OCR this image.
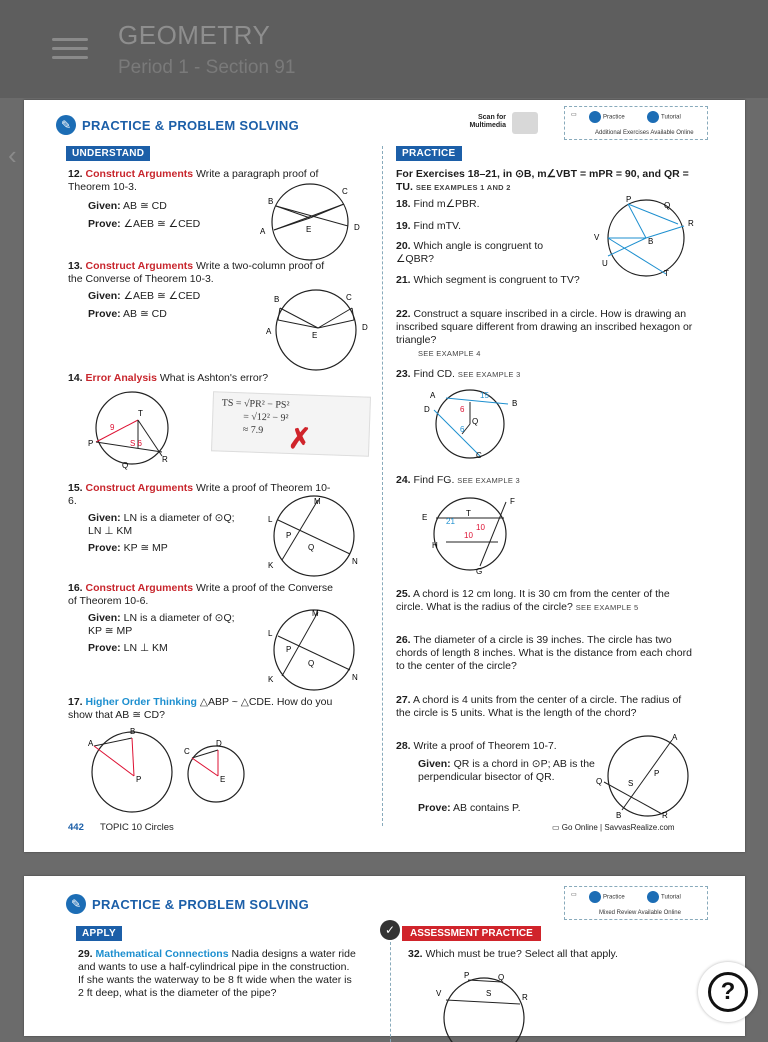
GEOMETRY
Period 1 - Section 91
‹
✎ PRACTICE & PROBLEM SOLVING	Scan for Multimedia
▭	Practice	Tutorial
Additional Exercises Available Online
UNDERSTAND	PRACTICE
12. Construct Arguments Write a paragraph proof of Theorem 10-3.
Given: AB ≅ CD
Prove: ∠AEB ≅ ∠CED
B
C
A	D
E
13. Construct Arguments Write a two-column proof of the Converse of Theorem 10-3.
Given: ∠AEB ≅ ∠CED
Prove: AB ≅ CD
B	C
A	D
E
14. Error Analysis What is Ashton's error?
P
T
R
Q
9
S 6
TS = √PR² − PS²
= √12² − 9²
≈ 7.9 ✗
15. Construct Arguments Write a proof of Theorem 10-6.
Given: LN is a diameter of ⊙Q; LN ⊥ KM
Prove: KP ≅ MP
L
M
K	N
P
Q
16. Construct Arguments Write a proof of the Converse of Theorem 10-6.
Given: LN is a diameter of ⊙Q; KP ≅ MP
Prove: LN ⊥ KM
L
M
K	N
P
Q
17. Higher Order Thinking △ABP ~ △CDE. How do you show that AB ≅ CD?
A
B
P
C
D
E
For Exercises 18–21, in ⊙B, m∠VBT = mPR = 90, and QR = TU. SEE EXAMPLES 1 AND 2
18. Find m∠PBR.
19. Find mTV.
20. Which angle is congruent to ∠QBR?
21. Which segment is congruent to TV?
P
Q
R
V
U
T
B
22. Construct a square inscribed in a circle. How is drawing an inscribed square different from drawing an inscribed hexagon or triangle?
SEE EXAMPLE 4
23. Find CD. SEE EXAMPLE 3
D
A
B
C
Q
15
6
6
24. Find FG. SEE EXAMPLE 3
E
F
H
G
T
21
10
10
25. A chord is 12 cm long. It is 30 cm from the center of the circle. What is the radius of the circle? SEE EXAMPLE 5
26. The diameter of a circle is 39 inches. The circle has two chords of length 8 inches. What is the distance from each chord to the center of the circle?
27. A chord is 4 units from the center of a circle. The radius of the circle is 5 units. What is the length of the chord?
28. Write a proof of Theorem 10-7.
Given: QR is a chord in ⊙P; AB is the perpendicular bisector of QR.
Prove: AB contains P.
A
B
Q
R
P
S
442 TOPIC 10 Circles	▭ Go Online | SavvasRealize.com
✎ PRACTICE & PROBLEM SOLVING
▭	Practice	Tutorial
Mixed Review Available Online
APPLY	✓	ASSESSMENT PRACTICE
29. Mathematical Connections Nadia designs a water ride and wants to use a half-cylindrical pipe in the construction. If she wants the waterway to be 8 ft wide when the water is 2 ft deep, what is the diameter of the pipe?
32. Which must be true? Select all that apply.
P	Q
V	S	R	?
